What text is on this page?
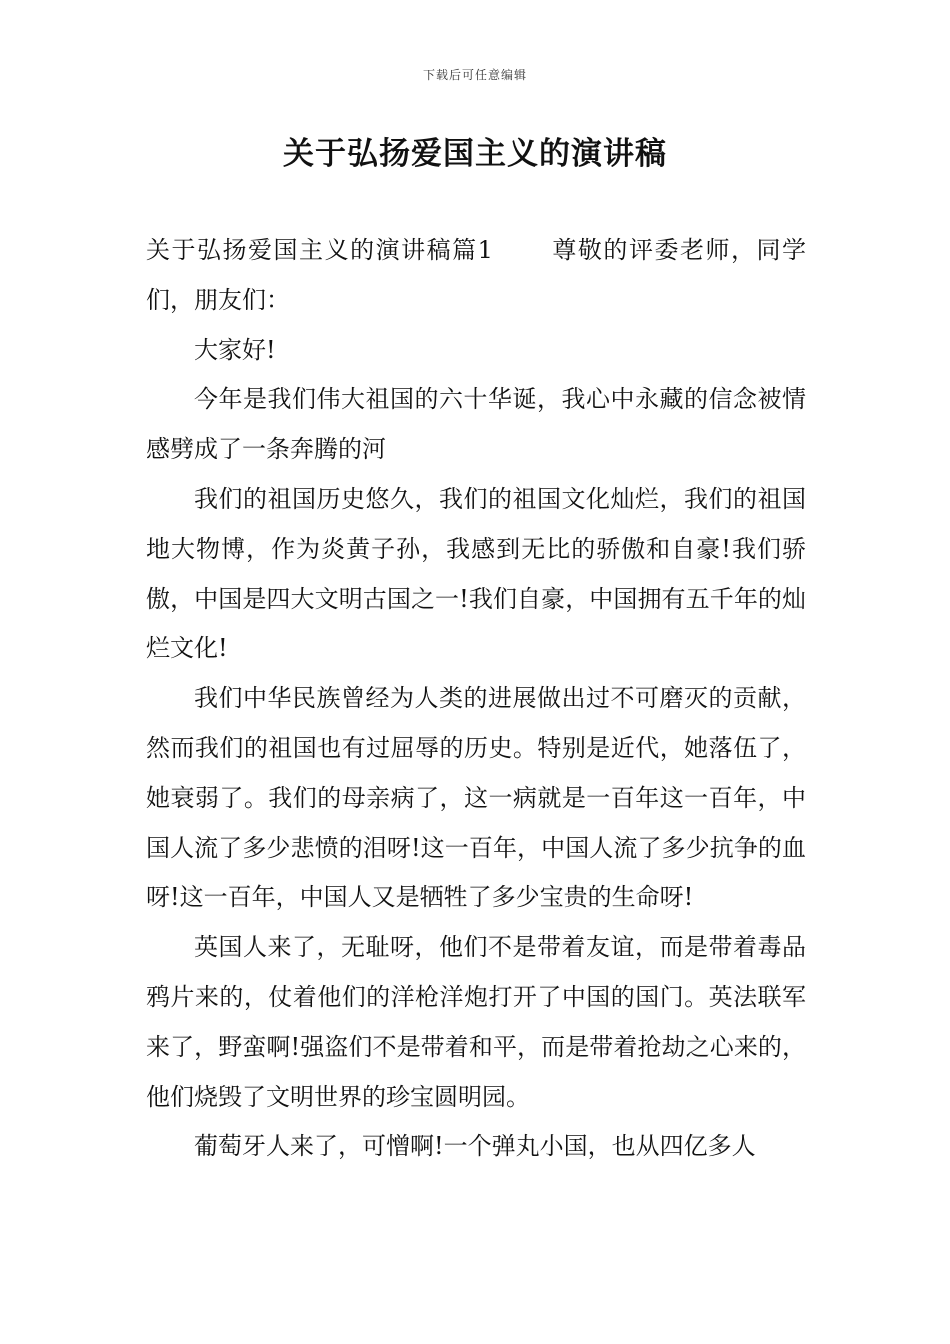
下载后可任意编辑
关于弘扬爱国主义的演讲稿

关于弘扬爱国主义的演讲稿篇1 尊敬的评委老师，同学们，朋友们：

大家好!

今年是我们伟大祖国的六十华诞，我心中永藏的信念被情感劈成了一条奔腾的河

我们的祖国历史悠久，我们的祖国文化灿烂，我们的祖国地大物博，作为炎黄子孙，我感到无比的骄傲和自豪!我们骄傲，中国是四大文明古国之一!我们自豪，中国拥有五千年的灿烂文化!

我们中华民族曾经为人类的进展做出过不可磨灭的贡献，然而我们的祖国也有过屈辱的历史。特别是近代，她落伍了，她衰弱了。我们的母亲病了，这一病就是一百年这一百年，中国人流了多少悲愤的泪呀!这一百年，中国人流了多少抗争的血呀!这一百年，中国人又是牺牲了多少宝贵的生命呀!

英国人来了，无耻呀，他们不是带着友谊，而是带着毒品鸦片来的，仗着他们的洋枪洋炮打开了中国的国门。英法联军来了，野蛮啊!强盗们不是带着和平，而是带着抢劫之心来的，他们烧毁了文明世界的珍宝圆明园。

葡萄牙人来了，可憎啊!一个弹丸小国，也从四亿多人
